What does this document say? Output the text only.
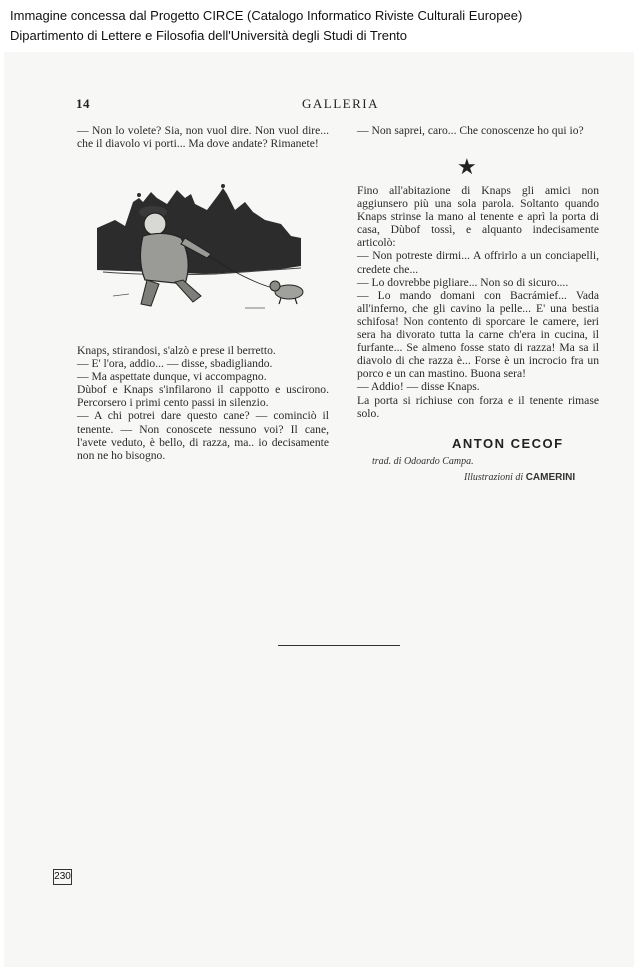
Immagine concessa dal Progetto CIRCE (Catalogo Informatico Riviste Culturali Europee)
Dipartimento di Lettere e Filosofia dell'Università degli Studi di Trento
14	GALLERIA

— Non lo volete? Sia, non vuol dire. Non vuol dire... che il diavolo vi porti... Ma dove andate? Rimanete!

Knaps, stirandosi, s'alzò e prese il berretto.

— E' l'ora, addio... — disse, sbadigliando.

— Ma aspettate dunque, vi accompagno.

Dùbof e Knaps s'infilarono il cappotto e uscirono. Percorsero i primi cento passi in silenzio.

— A chi potrei dare questo cane? — cominciò il tenente. — Non conoscete nessuno voi? Il cane, l'avete veduto, è bello, di razza, ma.. io decisamente non ne ho bisogno.

— Non saprei, caro... Che conoscenze ho qui io?

★

Fino all'abitazione di Knaps gli amici non aggiunsero più una sola parola. Soltanto quando Knaps strinse la mano al tenente e aprì la porta di casa, Dùbof tossì, e alquanto indecisamente articolò:

— Non potreste dirmi... A offrirlo a un conciapelli, credete che...

— Lo dovrebbe pigliare... Non so di sicuro....

— Lo mando domani con Bacrámief... Vada all'inferno, che gli cavino la pelle... E' una bestia schifosa! Non contento di sporcare le camere, ieri sera ha divorato tutta la carne ch'era in cucina, il furfante... Se almeno fosse stato di razza! Ma sa il diavolo di che razza è... Forse è un incrocio fra un porco e un can mastino. Buona sera!

— Addio! — disse Knaps.

La porta si richiuse con forza e il tenente rimase solo.

ANTON CECOF
trad. di Odoardo Campa.
Illustrazioni di CAMERINI
230
